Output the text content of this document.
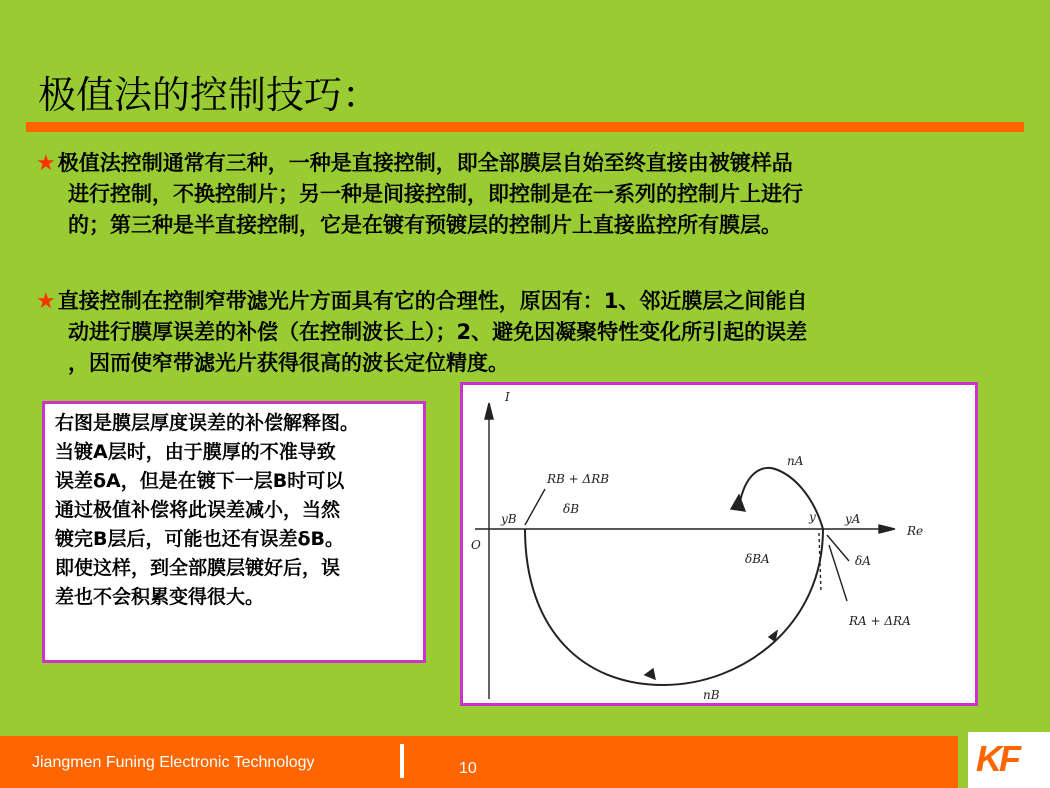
极值法的控制技巧：
★极值法控制通常有三种，一种是直接控制，即全部膜层自始至终直接由被镀样品
进行控制，不换控制片；另一种是间接控制，即控制是在一系列的控制片上进行
的；第三种是半直接控制，它是在镀有预镀层的控制片上直接监控所有膜层。
★直接控制在控制窄带滤光片方面具有它的合理性，原因有：1、邻近膜层之间能自
动进行膜厚误差的补偿（在控制波长上）；2、避免因凝聚特性变化所引起的误差
，因而使窄带滤光片获得很高的波长定位精度。
右图是膜层厚度误差的补偿解释图。
当镀A层时，由于膜厚的不准导致
误差δA，但是在镀下一层B时可以
通过极值补偿将此误差减小，当然
镀完B层后，可能也还有误差δB。
即使这样，到全部膜层镀好后，误
差也不会积累变得很大。
I
O
Re
yB	y yA
nA
nB
δB
δBA	δA
RB + ΔRB
RA + ΔRA
Jiangmen Funing Electronic Technology	10	KF
